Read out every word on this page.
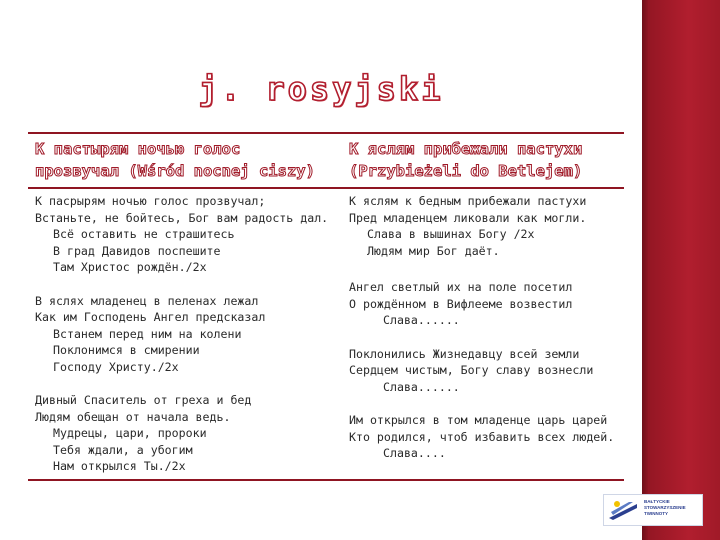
j. rosyjski
К пастырям ночью голос
прозвучал (Wśród nocnej ciszy)
К яслям прибежали пастухи
(Przybieżeli do Betlejem)
К пасрырям ночью голос прозвучал;
Встаньте, не бойтесь, Бог вам радость дал.
Всё оставить не страшитесь
В град Давидов поспешите
Там Христос рождён./2x
В яслях младенец в пеленах лежал
Как им Господень Ангел предсказал
Встанем перед ним на колени
Поклонимся в смирении
Господу Христу./2x
Дивный Спаситель от греха и бед
Людям обещан от начала ведь.
Мудрецы, цари, пророки
Тебя ждали, а убогим
Нам открылся Ты./2x
К яслям к бедным прибежали пастухи
Пред младенцем ликовали как могли.
Слава в вышинах Богу /2x
Людям мир Бог даёт.
Ангел светлый их на поле посетил
О рождённом в Вифлееме возвестил
Слава......
Поклонились Жизнедавцу всей земли
Сердцем чистым, Богу славу вознесли
Слава......
Им открылся в том младенце царь царей
Кто родился, чтоб избавить всех людей.
Слава....
BAŁTYCKIE
STOWARZYSZENIE
TWINNOTY
